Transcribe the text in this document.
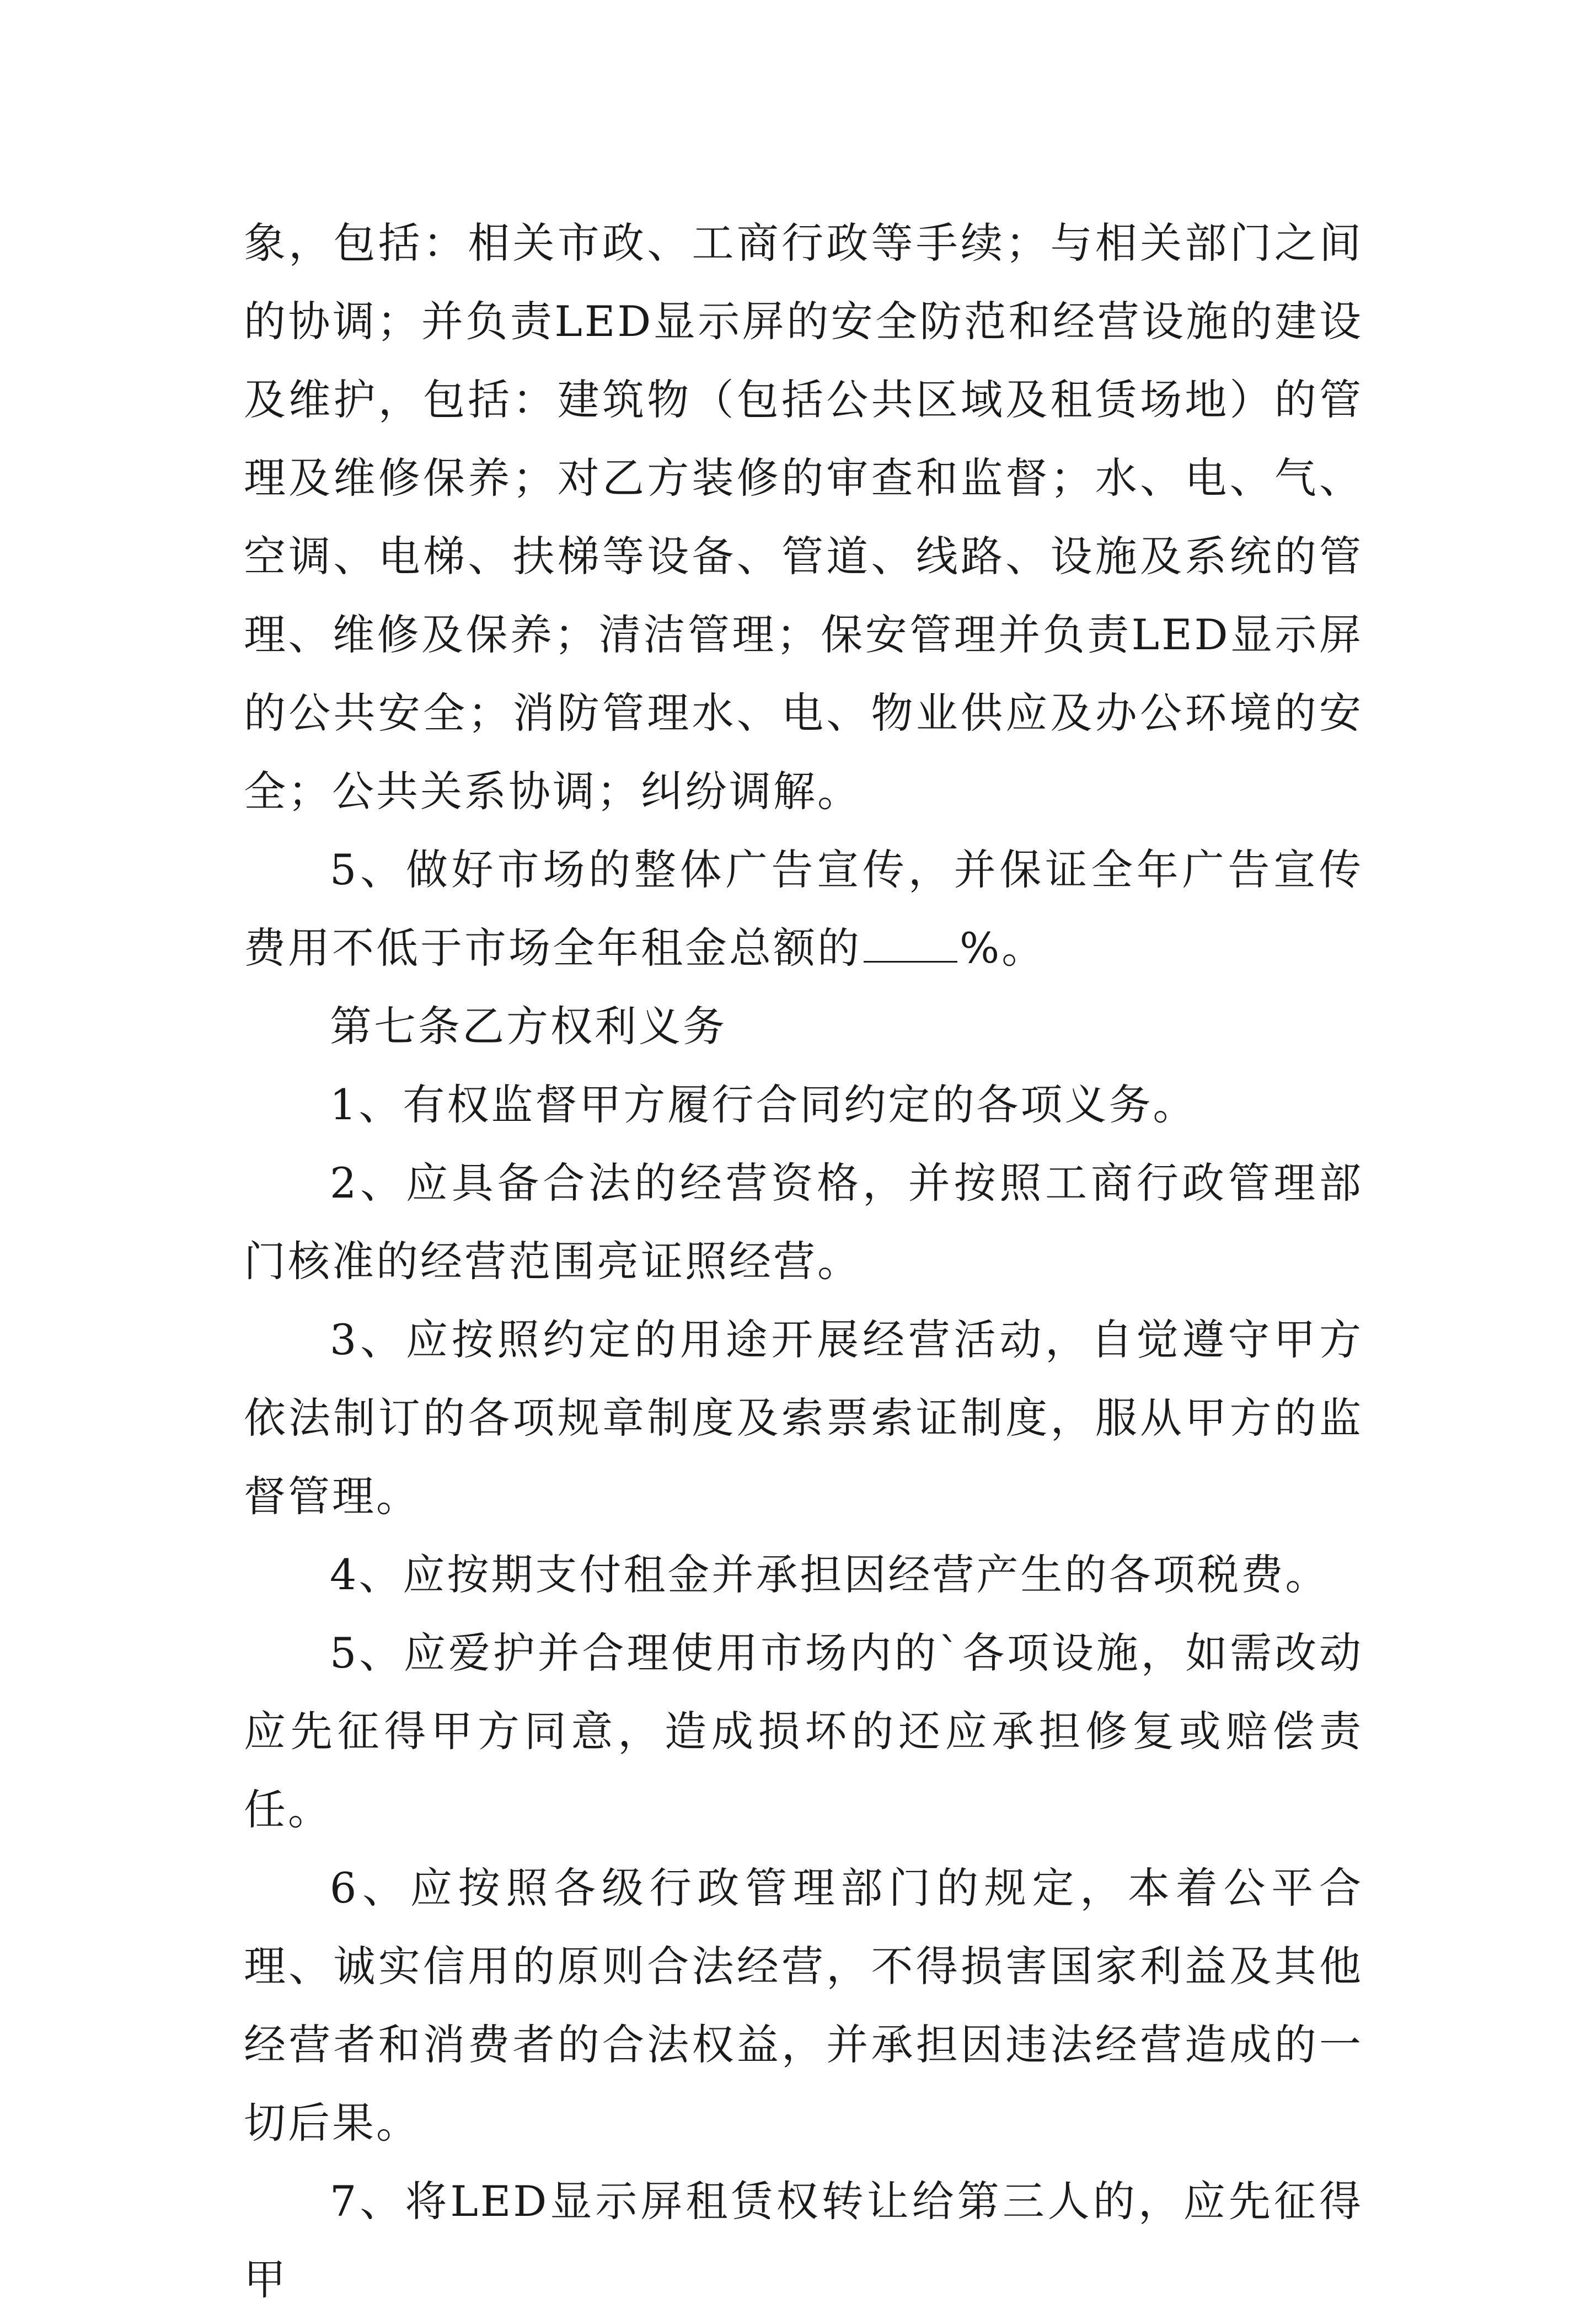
象，包括：相关市政、工商行政等手续；与相关部门之间的协调；并负责LED显示屏的安全防范和经营设施的建设及维护，包括：建筑物（包括公共区域及租赁场地）的管理及维修保养；对乙方装修的审查和监督；水、电、气、空调、电梯、扶梯等设备、管道、线路、设施及系统的管理、维修及保养；清洁管理；保安管理并负责LED显示屏的公共安全；消防管理水、电、物业供应及办公环境的安全；公共关系协调；纠纷调解。

5、做好市场的整体广告宣传，并保证全年广告宣传费用不低于市场全年租金总额的 %。

第七条乙方权利义务

1、有权监督甲方履行合同约定的各项义务。

2、应具备合法的经营资格，并按照工商行政管理部门核准的经营范围亮证照经营。

3、应按照约定的用途开展经营活动，自觉遵守甲方依法制订的各项规章制度及索票索证制度，服从甲方的监督管理。

4、应按期支付租金并承担因经营产生的各项税费。

5、应爱护并合理使用市场内的`各项设施，如需改动应先征得甲方同意，造成损坏的还应承担修复或赔偿责任。

6、应按照各级行政管理部门的规定，本着公平合理、诚实信用的原则合法经营，不得损害国家利益及其他经营者和消费者的合法权益，并承担因违法经营造成的一切后果。

7、将LED显示屏租赁权转让给第三人的，应先征得甲
